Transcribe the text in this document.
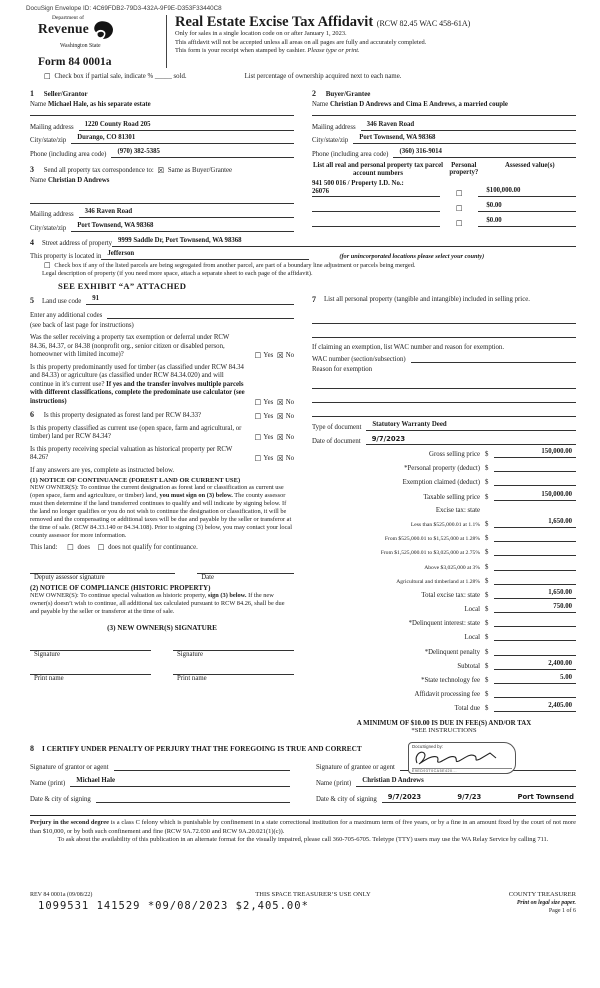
DocuSign Envelope ID: 4C69FDB2-79D3-432A-9F9E-D353F33440C8
Department of
Revenue
Washington State
Form 84 0001a
Real Estate Excise Tax Affidavit (RCW 82.45 WAC 458-61A)
Only for sales in a single location code on or after January 1, 2023.
This affidavit will not be accepted unless all areas on all pages are fully and accurately completed.
This form is your receipt when stamped by cashier. Please type or print.
☐ Check box if partial sale, indicate % _____ sold.	List percentage of ownership acquired next to each name.
1 Seller/Grantor
Name Michael Hale, as his separate estate
Mailing address	1220 County Road 205
City/state/zip	Durango, CO 81301
Phone (including area code)	(970) 382-5385
3 Send all property tax correspondence to: ☒ Same as Buyer/Grantee
Name Christian D Andrews
Mailing address	346 Raven Road
City/state/zip	Port Townsend, WA 98368
2 Buyer/Grantee
Name Christian D Andrews and Cima E Andrews, a married couple
Mailing address	346 Raven Road
City/state/zip	Port Townsend, WA 98368
Phone (including area code)	(360) 316-9014
List all real and personal property tax parcel account numbers
Personal property?
Assessed value(s)
941 500 016 / Property I.D. No.:
26076	☐	$100,000.00
☐	$0.00
☐	$0.00
4	Street address of property 9999 Saddle Dr, Port Townsend, WA 98368
This property is located in Jefferson	(for unincorporated locations please select your county)
☐ Check box if any of the listed parcels are being segregated from another parcel, are part of a boundary line adjustment or parcels being merged.
Legal description of property (if you need more space, attach a separate sheet to each page of the affidavit).
SEE EXHIBIT “A” ATTACHED
5	Land use code	91
Enter any additional codes
(see back of last page for instructions)
Was the seller receiving a property tax exemption or deferral under RCW 84.36, 84.37, or 84.38 (nonprofit org., senior citizen or disabled person, homeowner with limited income)?	☐ Yes ☒ No
Is this property predominantly used for timber (as classified under RCW 84.34 and 84.33) or agriculture (as classified under RCW 84.34.020) and will continue in it's current use? If yes and the transfer involves multiple parcels with different classifications, complete the predominate use calculator (see instructions)	☐ Yes ☒ No
6 Is this property designated as forest land per RCW 84.33?	☐ Yes ☒ No
Is this property classified as current use (open space, farm and agricultural, or timber) land per RCW 84.34?	☐ Yes ☒ No
Is this property receiving special valuation as historical property per RCW 84.26?	☐ Yes ☒ No
If any answers are yes, complete as instructed below.
(1) NOTICE OF CONTINUANCE (FOREST LAND OR CURRENT USE)
NEW OWNER(S): To continue the current designation as forest land or classification as current use (open space, farm and agriculture, or timber) land, you must sign on (3) below. The county assessor must then determine if the land transferred continues to qualify and will indicate by signing below. If the land no longer qualifies or you do not wish to continue the designation or classification, it will be removed and the compensating or additional taxes will be due and payable by the seller or transferor at the time of sale. (RCW 84.33.140 or 84.34.108). Prior to signing (3) below, you may contact your local county assessor for more information.
This land: ☐ does ☐ does not qualify for continuance.
Deputy assessor signature	Date
(2) NOTICE OF COMPLIANCE (HISTORIC PROPERTY)
NEW OWNER(S): To continue special valuation as historic property, sign (3) below. If the new owner(s) doesn’t wish to continue, all additional tax calculated pursuant to RCW 84.26, shall be due and payable by the seller or transferor at the time of sale.
(3) NEW OWNER(S) SIGNATURE
Signature	Signature
Print name	Print name
7	List all personal property (tangible and intangible) included in selling price.
If claiming an exemption, list WAC number and reason for exemption.
WAC number (section/subsection)
Reason for exemption
Type of document	Statutory Warranty Deed
Date of document	9/7/2023
Gross selling price $	150,000.00
*Personal property (deduct) $
Exemption claimed (deduct) $
Taxable selling price $	150,000.00
Excise tax: state
Less than $525,000.01 at 1.1% $	1,650.00
From $525,000.01 to $1,525,000 at 1.28% $
From $1,525,000.01 to $3,025,000 at 2.75% $
Above $3,025,000 at 3% $
Agricultural and timberland at 1.28% $
Total excise tax: state $	1,650.00
Local $	750.00
*Delinquent interest: state $
Local $
*Delinquent penalty $
Subtotal $	2,400.00
*State technology fee $	5.00
Affidavit processing fee $
Total due $	2,405.00
A MINIMUM OF $10.00 IS DUE IN FEE(S) AND/OR TAX
*SEE INSTRUCTIONS
8	I CERTIFY UNDER PENALTY OF PERJURY THAT THE FOREGOING IS TRUE AND CORRECT
Signature of grantor or agent
Name (print)	Michael Hale
Date & city of signing
DocuSigned by:
E9ED93T0CA5E420...
Signature of grantee or agent
Name (print)	Christian D Andrews
Date & city of signing	9/7/2023	9/7/23	Port Townsend
Perjury in the second degree is a class C felony which is punishable by confinement in a state correctional institution for a maximum term of five years, or by a fine in an amount fixed by the court of not more than $10,000, or by both such confinement and fine (RCW 9A.72.030 and RCW 9A.20.021(1)(c)).
To ask about the availability of this publication in an alternate format for the visually impaired, please call 360-705-6705. Teletype (TTY) users may use the WA Relay Service by calling 711.
REV 84 0001a (09/08/22)	THIS SPACE TREASURER’S USE ONLY	COUNTY TREASURER
1099531 141529 *09/08/2023 $2,405.00*	Print on legal size paper.
Page 1 of 6
